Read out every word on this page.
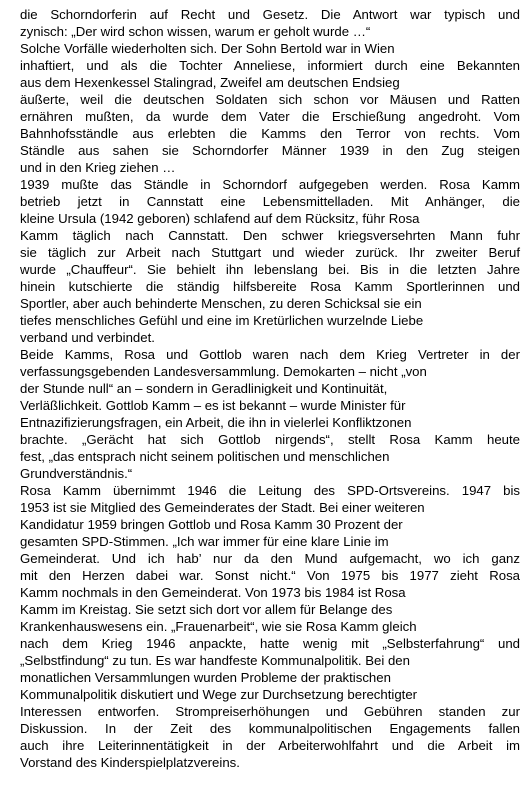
die Schorndorferin auf Recht und Gesetz. Die Antwort war typisch und
zynisch: „Der wird schon wissen, warum er geholt wurde …“
Solche Vorfälle wiederholten sich. Der Sohn Bertold war in Wien
inhaftiert, und als die Tochter Anneliese, informiert durch eine Bekannten
aus dem Hexenkessel Stalingrad, Zweifel am deutschen Endsieg
äußerte, weil die deutschen Soldaten sich schon vor Mäusen und Ratten
ernähren mußten, da wurde dem Vater die Erschießung angedroht. Vom
Bahnhofsständle aus erlebten die Kamms den Terror von rechts. Vom
Ständle aus sahen sie Schorndorfer Männer 1939 in den Zug steigen
und in den Krieg ziehen …
1939 mußte das Ständle in Schorndorf aufgegeben werden. Rosa Kamm
betrieb jetzt in Cannstatt eine Lebensmittelladen. Mit Anhänger, die
kleine Ursula (1942 geboren) schlafend auf dem Rücksitz, führ Rosa
Kamm täglich nach Cannstatt. Den schwer kriegsversehrten Mann fuhr
sie täglich zur Arbeit nach Stuttgart und wieder zurück. Ihr zweiter Beruf
wurde „Chauffeur“. Sie behielt ihn lebenslang bei. Bis in die letzten Jahre
hinein kutschierte die ständig hilfsbereite Rosa Kamm Sportlerinnen und
Sportler, aber auch behinderte Menschen, zu deren Schicksal sie ein
tiefes menschliches Gefühl und eine im Kretürlichen wurzelnde Liebe
verband und verbindet.
Beide Kamms, Rosa und Gottlob waren nach dem Krieg Vertreter in der
verfassungsgebenden Landesversammlung. Demokarten – nicht „von
der Stunde null“ an – sondern in Geradlinigkeit und Kontinuität,
Verläßlichkeit. Gottlob Kamm – es ist bekannt – wurde Minister für
Entnazifizierungsfragen, ein Arbeit, die ihn in vielerlei Konfliktzonen
brachte. „Gerächt hat sich Gottlob nirgends“, stellt Rosa Kamm heute
fest, „das entsprach nicht seinem politischen und menschlichen
Grundverständnis.“
Rosa Kamm übernimmt 1946 die Leitung des SPD-Ortsvereins. 1947 bis
1953 ist sie Mitglied des Gemeinderates der Stadt. Bei einer weiteren
Kandidatur 1959 bringen Gottlob und Rosa Kamm 30 Prozent der
gesamten SPD-Stimmen. „Ich war immer für eine klare Linie im
Gemeinderat. Und ich hab’ nur da den Mund aufgemacht, wo ich ganz
mit den Herzen dabei war. Sonst nicht.“ Von 1975 bis 1977 zieht Rosa
Kamm nochmals in den Gemeinderat. Von 1973 bis 1984 ist Rosa
Kamm im Kreistag. Sie setzt sich dort vor allem für Belange des
Krankenhauswesens ein. „Frauenarbeit“, wie sie Rosa Kamm gleich
nach dem Krieg 1946 anpackte, hatte wenig mit „Selbsterfahrung“ und
„Selbstfindung“ zu tun. Es war handfeste Kommunalpolitik. Bei den
monatlichen Versammlungen wurden Probleme der praktischen
Kommunalpolitik diskutiert und Wege zur Durchsetzung berechtigter
Interessen entworfen. Strompreiserhöhungen und Gebühren standen zur
Diskussion. In der Zeit des kommunalpolitischen Engagements fallen
auch ihre Leiterinnentätigkeit in der Arbeiterwohlfahrt und die Arbeit im
Vorstand des Kinderspielplatzvereins.
